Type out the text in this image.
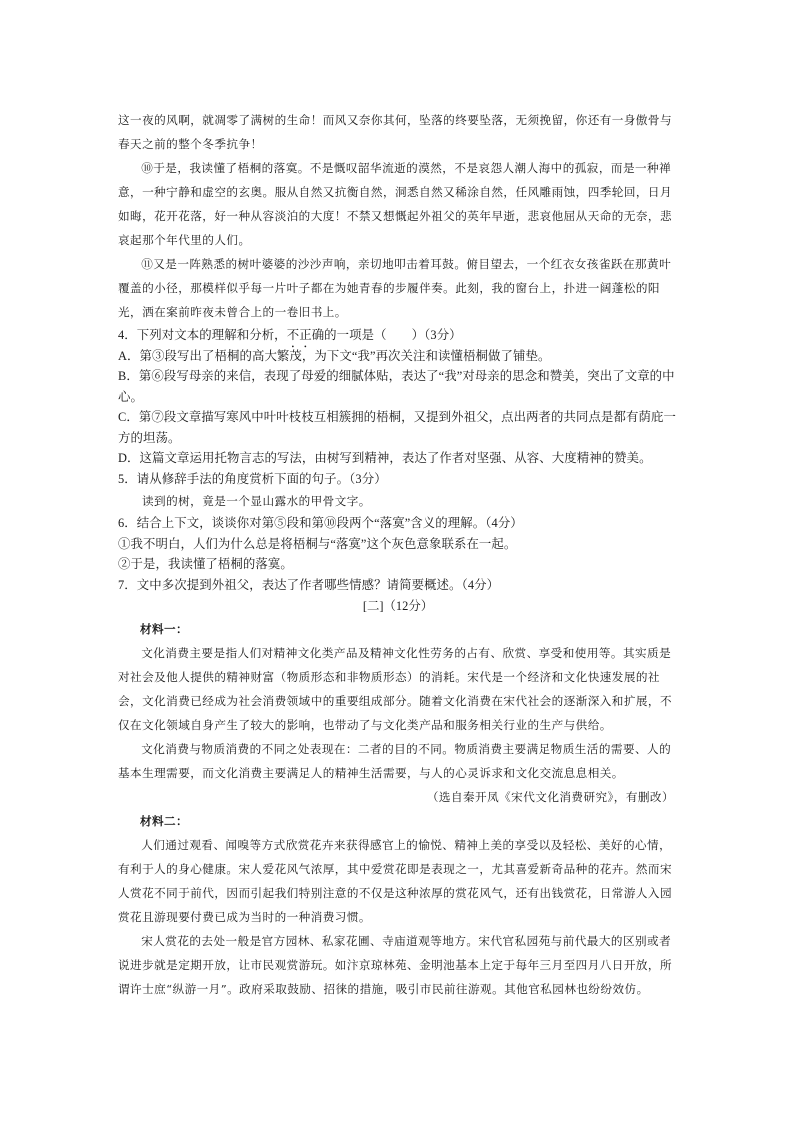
这一夜的风啊，就凋零了满树的生命！而风又奈你其何，坠落的终要坠落，无须挽留，你还有一身傲骨与春天之前的整个冬季抗争！

⑩于是，我读懂了梧桐的落寞。不是慨叹韶华流逝的漠然，不是哀怨人潮人海中的孤寂，而是一种禅意，一种宁静和虚空的玄奥。服从自然又抗衡自然，洞悉自然又稀涂自然，任风雕雨蚀，四季轮回，日月如晦，花开花落，好一种从容淡泊的大度！不禁又想慨起外祖父的英年早逝，悲哀他屈从天命的无奈，悲哀起那个年代里的人们。

⑪又是一阵熟悉的树叶婆婆的沙沙声响，亲切地叩击着耳鼓。俯目望去，一个红衣女孩雀跃在那黄叶覆盖的小径，那模样似乎每一片叶子都在为她青春的步履伴奏。此刻，我的窗台上，扑进一阔蓬松的阳光，洒在案前昨夜未曾合上的一卷旧书上。

4．下列对文本的理解和分析，不正确的一项是（　　）（3分）

A．第③段写出了梧桐的高大繁茂，为下文“我”再次关注和读懂梧桐做了铺垫。

B．第⑥段写母亲的来信，表现了母爱的细腻体贴，表达了“我”对母亲的思念和赞美，突出了文章的中心。

C．第⑦段文章描写寒风中叶叶枝枝互相簇拥的梧桐，又提到外祖父，点出两者的共同点是都有荫庇一方的坦荡。

D．这篇文章运用托物言志的写法，由树写到精神，表达了作者对坚强、从容、大度精神的赞美。

5．请从修辞手法的角度赏析下面的句子。（3分）

读到的树，竟是一个显山露水的甲骨文字。

6．结合上下文，谈谈你对第⑤段和第⑩段两个“落寞”含义的理解。（4分）

①我不明白，人们为什么总是将梧桐与“落寞”这个灰色意象联系在一起。

②于是，我读懂了梧桐的落寞。

7．文中多次提到外祖父，表达了作者哪些情感？请简要概述。（4分）

[二]（12分）

材料一：

文化消费主要是指人们对精神文化类产品及精神文化性劳务的占有、欣赏、享受和使用等。其实质是对社会及他人提供的精神财富（物质形态和非物质形态）的消耗。宋代是一个经济和文化快速发展的社会，文化消费已经成为社会消费领域中的重要组成部分。随着文化消费在宋代社会的逐渐深入和扩展，不仅在文化领域自身产生了较大的影响，也带动了与文化类产品和服务相关行业的生产与供给。

文化消费与物质消费的不同之处表现在：二者的目的不同。物质消费主要满足物质生活的需要、人的基本生理需要，而文化消费主要满足人的精神生活需要，与人的心灵诉求和文化交流息息相关。

（选自秦开凤《宋代文化消费研究》，有删改）

材料二：

人们通过观看、闻嗅等方式欣赏花卉来获得感官上的愉悦、精神上美的享受以及轻松、美好的心情，有利于人的身心健康。宋人爱花风气浓厚，其中爱赏花即是表现之一，尤其喜爱新奇品种的花卉。然而宋人赏花不同于前代，因而引起我们特别注意的不仅是这种浓厚的赏花风气，还有出钱赏花，日常游人入园赏花且游现要付费已成为当时的一种消费习惯。

宋人赏花的去处一般是官方园林、私家花圃、寺庙道观等地方。宋代官私园苑与前代最大的区别或者说进步就是定期开放，让市民观赏游玩。如汴京琼林苑、金明池基本上定于每年三月至四月八日开放，所谓许士庶“纵游一月”。政府采取鼓励、招徕的措施，吸引市民前往游观。其他官私园林也纷纷效仿。
